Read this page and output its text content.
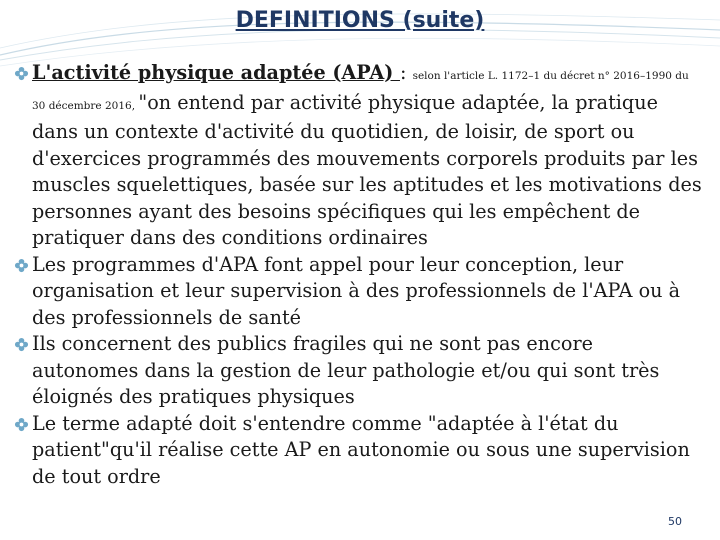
DEFINITIONS (suite)

L'activité physique adaptée (APA) : selon l'article L. 1172–1 du décret n° 2016–1990 du 30 décembre 2016, "on entend par activité physique adaptée, la pratique dans un contexte d'activité du quotidien, de loisir, de sport ou d'exercices programmés des mouvements corporels produits par les muscles squelettiques, basée sur les aptitudes et les motivations des personnes ayant des besoins spécifiques qui les empêchent de pratiquer dans des conditions ordinaires

Les programmes d'APA font appel pour leur conception, leur organisation et leur supervision à des professionnels de l'APA ou à des professionnels de santé

Ils concernent des publics fragiles qui ne sont pas encore autonomes dans la gestion de leur pathologie et/ou qui sont très éloignés des pratiques physiques

Le terme adapté doit s'entendre comme "adaptée à l'état du patient"qu'il réalise cette AP en autonomie ou sous une supervision de tout ordre

50
